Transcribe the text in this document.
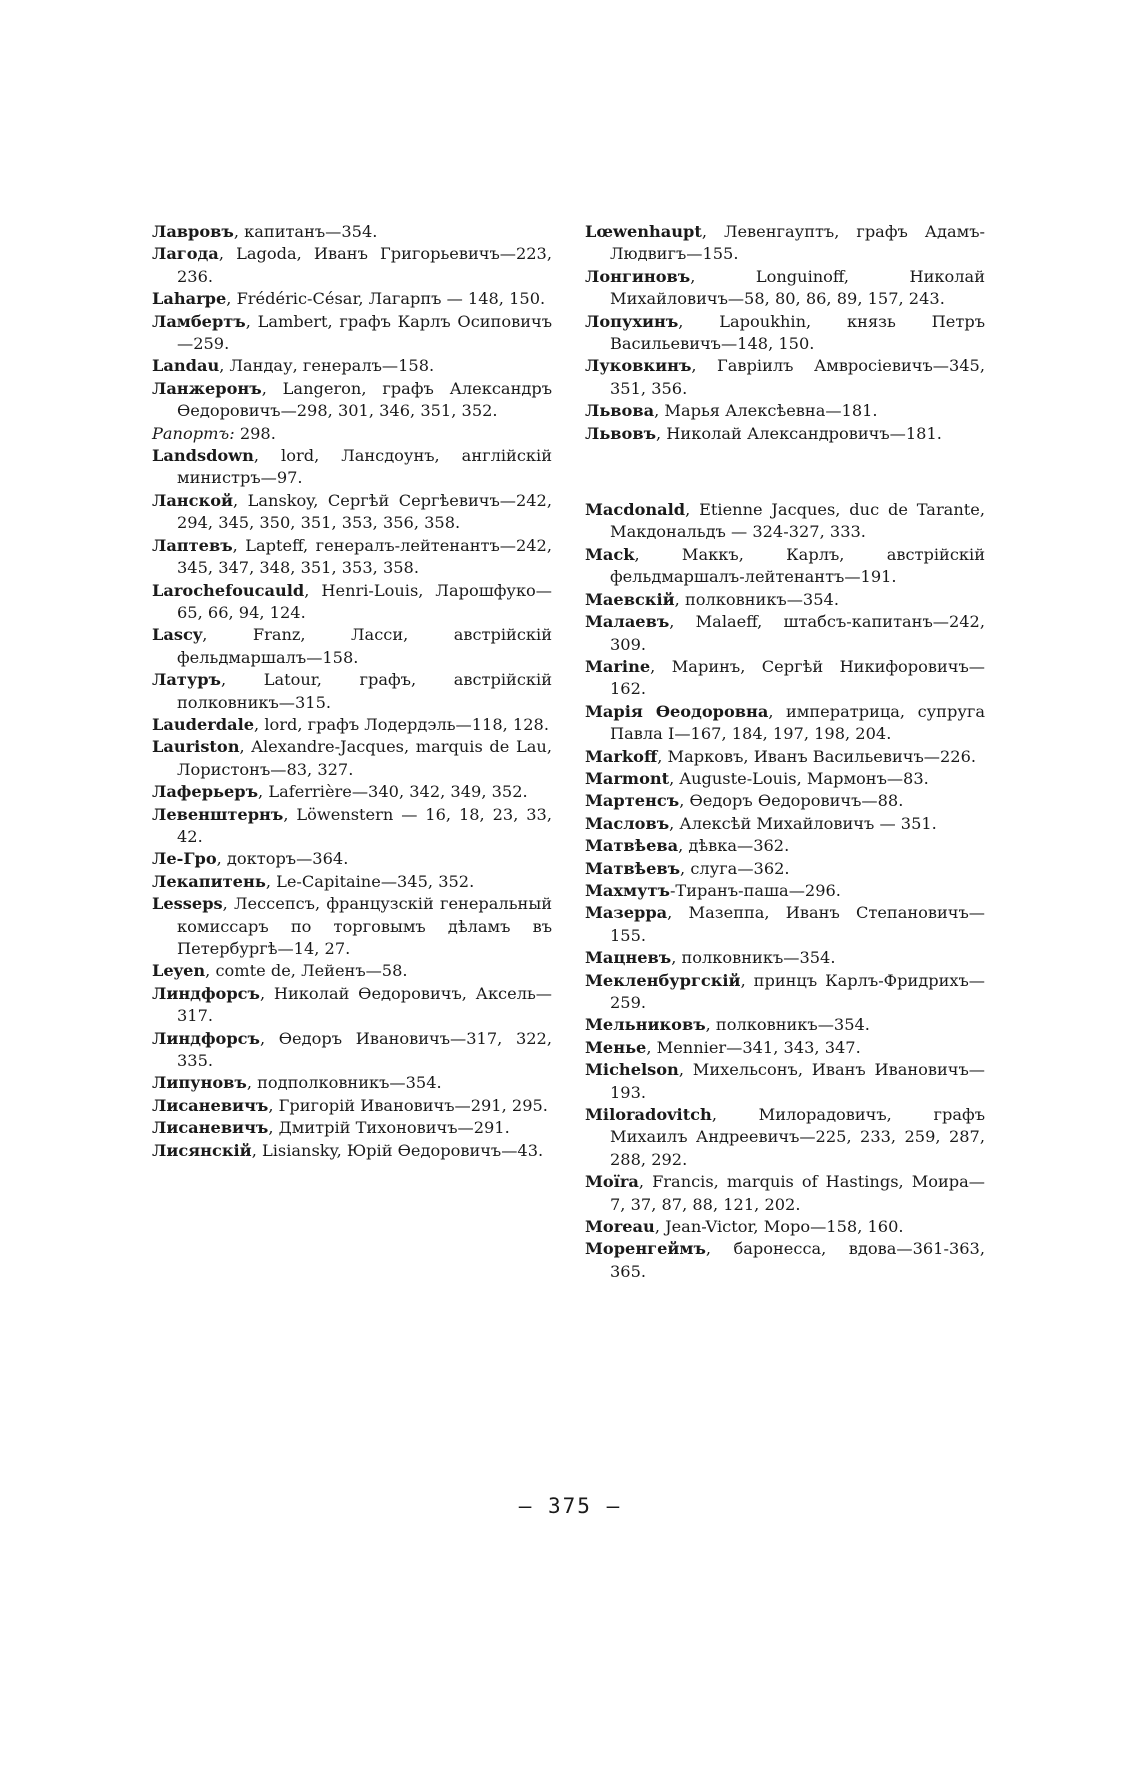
Лавровъ, капитанъ—354.

Лагода, Lagoda, Иванъ Григорьевичъ—223, 236.

Laharpe, Frédéric-César, Лагарпъ — 148, 150.

Ламбертъ, Lambert, графъ Карлъ Осиповичъ—259.

Landau, Ландау, генералъ—158.

Ланжеронъ, Langeron, графъ Александръ Өедоровичъ—298, 301, 346, 351, 352.

Рапортъ: 298.

Landsdown, lord, Лансдоунъ, англійскій министръ—97.

Ланской, Lanskoy, Сергѣй Сергѣевичъ—242, 294, 345, 350, 351, 353, 356, 358.

Лаптевъ, Lapteff, генералъ-лейтенантъ—242, 345, 347, 348, 351, 353, 358.

Larochefoucauld, Henri-Louis, Ларошфуко—65, 66, 94, 124.

Lascy, Franz, Ласси, австрійскій фельдмаршалъ—158.

Латуръ, Latour, графъ, австрійскій полковникъ—315.

Lauderdale, lord, графъ Лодердэль—118, 128.

Lauriston, Alexandre-Jacques, marquis de Lau, Лористонъ—83, 327.

Лаферьеръ, Laferrière—340, 342, 349, 352.

Левенштернъ, Löwenstern — 16, 18, 23, 33, 42.

Ле-Гро, докторъ—364.

Лекапитень, Le-Capitaine—345, 352.

Lesseps, Лессепсъ, французскій генеральный комиссаръ по торговымъ дѣламъ въ Петербургѣ—14, 27.

Leyen, comte de, Лейенъ—58.

Линдфорсъ, Николай Өедоровичъ, Аксель—317.

Линдфорсъ, Өедоръ Ивановичъ—317, 322, 335.

Липуновъ, подполковникъ—354.

Лисаневичъ, Григорій Ивановичъ—291, 295.

Лисаневичъ, Дмитрій Тихоновичъ—291.

Лисянскій, Lisiansky, Юрій Өедоровичъ—43.

Lœwenhaupt, Левенгауптъ, графъ Адамъ-Людвигъ—155.

Лонгиновъ, Longuinoff, Николай Михайловичъ—58, 80, 86, 89, 157, 243.

Лопухинъ, Lapoukhin, князь Петръ Васильевичъ—148, 150.

Луковкинъ, Гавріилъ Амвросіевичъ—345, 351, 356.

Львова, Марья Алексѣевна—181.

Львовъ, Николай Александровичъ—181.

Macdonald, Etienne Jacques, duc de Tarante, Макдональдъ — 324-327, 333.

Mack, Маккъ, Карлъ, австрійскій фельдмаршалъ-лейтенантъ—191.

Маевскій, полковникъ—354.

Малаевъ, Malaeff, штабсъ-капитанъ—242, 309.

Marine, Маринъ, Сергѣй Никифоровичъ—162.

Марія Өеодоровна, императрица, супруга Павла I—167, 184, 197, 198, 204.

Markoff, Марковъ, Иванъ Васильевичъ—226.

Marmont, Auguste-Louis, Мармонъ—83.

Мартенсъ, Өедоръ Өедоровичъ—88.

Масловъ, Алексѣй Михайловичъ — 351.

Матвѣева, дѣвка—362.

Матвѣевъ, слуга—362.

Махмутъ-Тиранъ-паша—296.

Мазерра, Мазеппа, Иванъ Степановичъ—155.

Мацневъ, полковникъ—354.

Мекленбургскій, принцъ Карлъ-Фридрихъ—259.

Мельниковъ, полковникъ—354.

Менье, Mennier—341, 343, 347.

Michelson, Михельсонъ, Иванъ Ивановичъ—193.

Miloradovitch, Милорадовичъ, графъ Михаилъ Андреевичъ—225, 233, 259, 287, 288, 292.

Moïra, Francis, marquis of Hastings, Моира—7, 37, 87, 88, 121, 202.

Moreau, Jean-Victor, Моро—158, 160.

Моренгеймъ, баронесса, вдова—361-363, 365.

— 375 —
